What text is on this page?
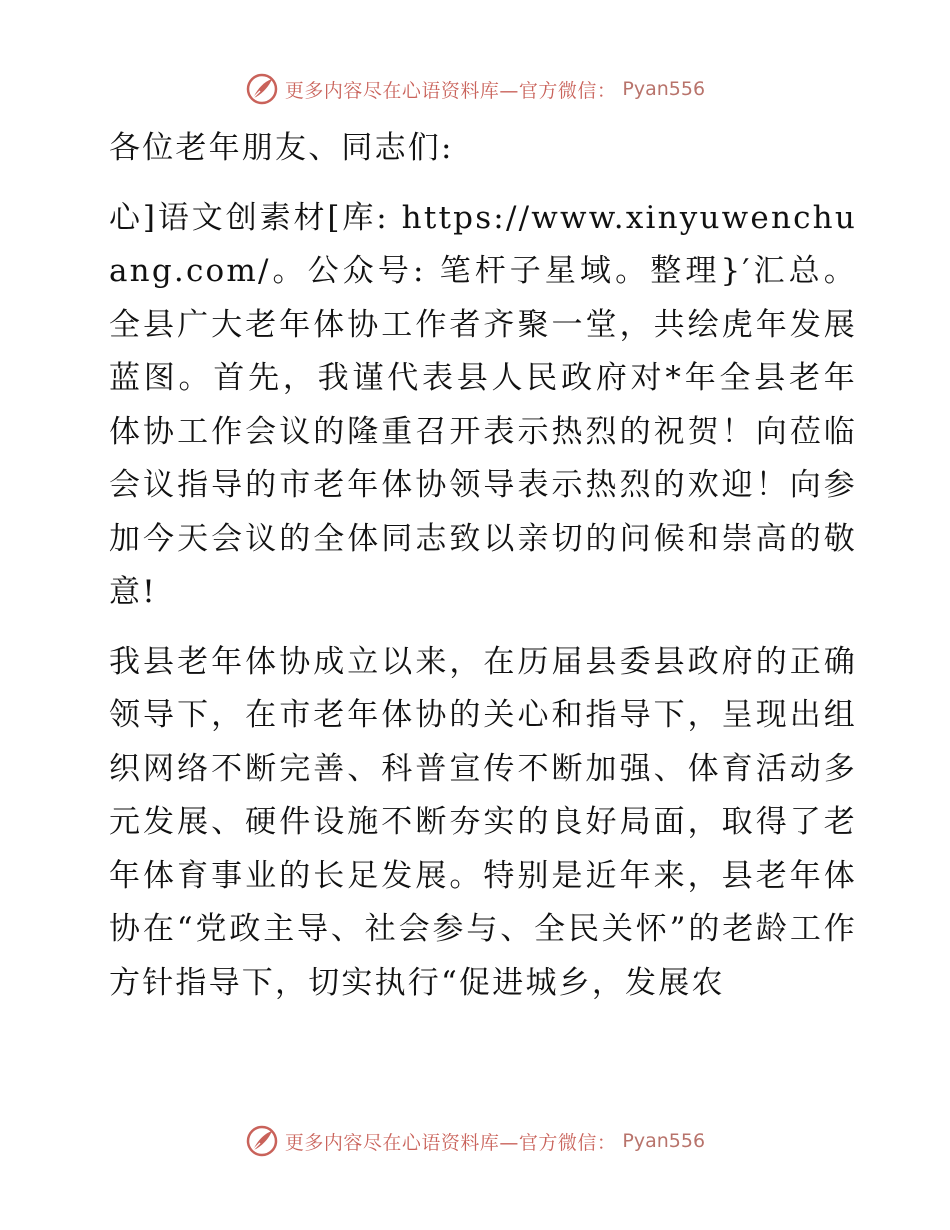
更多内容尽在心语资料库—官方微信： Pyan556

各位老年朋友、同志们:

心]语文创素材[库: https://www.xinyuwenchuang.com/。公众号: 笔杆子星域。整理}′汇总。全县广大老年体协工作者齐聚一堂，共绘虎年发展蓝图。首先，我谨代表县人民政府对*年全县老年体协工作会议的隆重召开表示热烈的祝贺！向莅临会议指导的市老年体协领导表示热烈的欢迎！向参加今天会议的全体同志致以亲切的问候和崇高的敬意!

我县老年体协成立以来，在历届县委县政府的正确领导下，在市老年体协的关心和指导下，呈现出组织网络不断完善、科普宣传不断加强、体育活动多元发展、硬件设施不断夯实的良好局面，取得了老年体育事业的长足发展。特别是近年来，县老年体协在“党政主导、社会参与、全民关怀”的老龄工作方针指导下，切实执行“促进城乡，发展农

更多内容尽在心语资料库—官方微信： Pyan556
